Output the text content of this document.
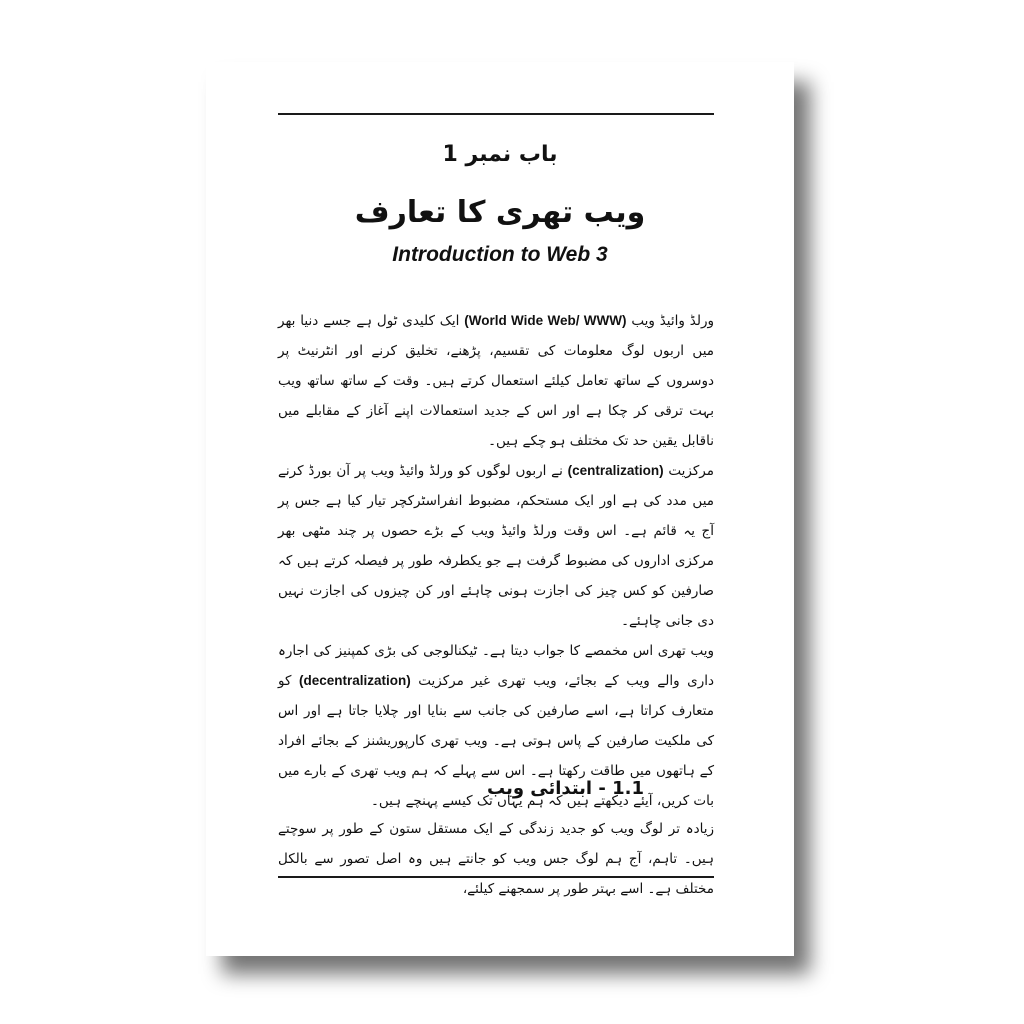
باب نمبر 1
ویب تھری کا تعارف
Introduction to Web 3

ورلڈ وائیڈ ویب (World Wide Web/ WWW) ایک کلیدی ٹول ہے جسے دنیا بھر میں اربوں لوگ معلومات کی تقسیم، پڑھنے، تخلیق کرنے اور انٹرنیٹ پر دوسروں کے ساتھ تعامل کیلئے استعمال کرتے ہیں۔ وقت کے ساتھ ساتھ ویب بہت ترقی کر چکا ہے اور اس کے جدید استعمالات اپنے آغاز کے مقابلے میں ناقابل یقین حد تک مختلف ہو چکے ہیں۔

مرکزیت (centralization) نے اربوں لوگوں کو ورلڈ وائیڈ ویب پر آن بورڈ کرنے میں مدد کی ہے اور ایک مستحکم، مضبوط انفراسٹرکچر تیار کیا ہے جس پر آج یہ قائم ہے۔ اس وقت ورلڈ وائیڈ ویب کے بڑے حصوں پر چند مٹھی بھر مرکزی اداروں کی مضبوط گرفت ہے جو یکطرفہ طور پر فیصلہ کرتے ہیں کہ صارفین کو کس چیز کی اجازت ہونی چاہئے اور کن چیزوں کی اجازت نہیں دی جانی چاہئے۔

ویب تھری اس مخمصے کا جواب دیتا ہے۔ ٹیکنالوجی کی بڑی کمپنیز کی اجارہ داری والے ویب کے بجائے، ویب تھری غیر مرکزیت (decentralization) کو متعارف کراتا ہے، اسے صارفین کی جانب سے بنایا اور چلایا جاتا ہے اور اس کی ملکیت صارفین کے پاس ہوتی ہے۔ ویب تھری کارپوریشنز کے بجائے افراد کے ہاتھوں میں طاقت رکھتا ہے۔ اس سے پہلے کہ ہم ویب تھری کے بارے میں بات کریں، آیئے دیکھتے ہیں کہ ہم یہاں تک کیسے پہنچے ہیں۔

1.1 - ابتدائی ویب

زیادہ تر لوگ ویب کو جدید زندگی کے ایک مستقل ستون کے طور پر سوچتے ہیں۔ تاہم، آج ہم لوگ جس ویب کو جانتے ہیں وہ اصل تصور سے بالکل مختلف ہے۔ اسے بہتر طور پر سمجھنے کیلئے،
